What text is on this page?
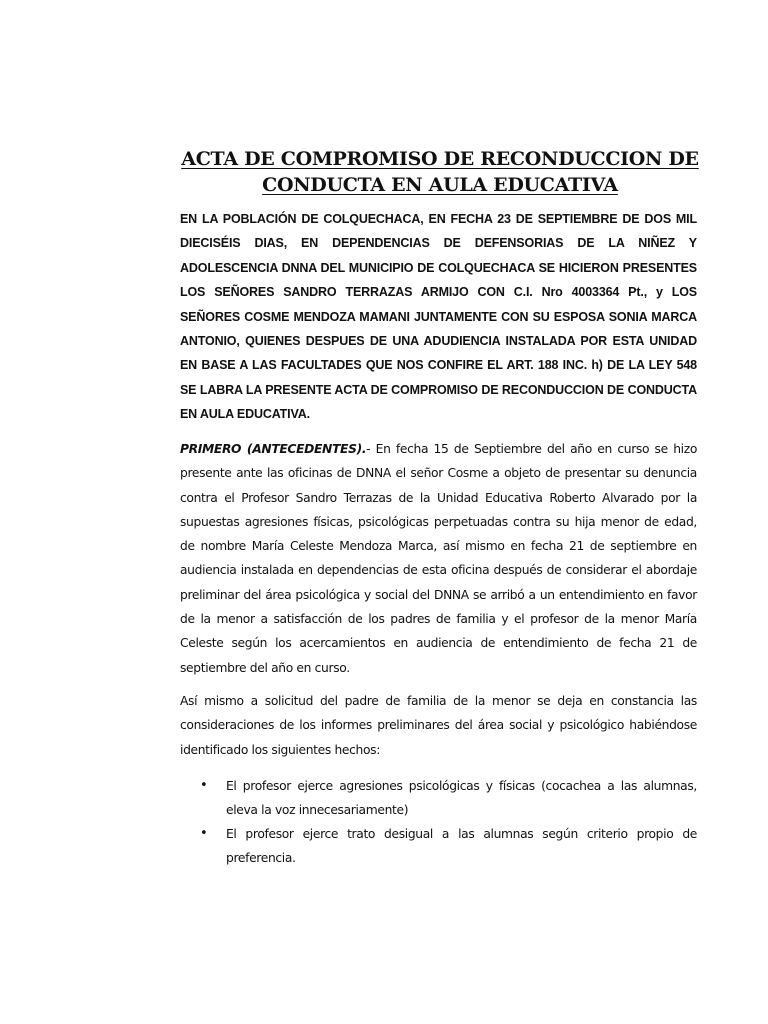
ACTA DE COMPROMISO DE RECONDUCCION DE
CONDUCTA EN AULA EDUCATIVA

EN LA POBLACIÓN DE COLQUECHACA, EN FECHA 23 DE SEPTIEMBRE DE DOS MIL DIECISÉIS DIAS, EN DEPENDENCIAS DE DEFENSORIAS DE LA NIÑEZ Y ADOLESCENCIA DNNA DEL MUNICIPIO DE COLQUECHACA SE HICIERON PRESENTES LOS SEÑORES SANDRO TERRAZAS ARMIJO CON C.I. Nro 4003364 Pt., y LOS SEÑORES COSME MENDOZA MAMANI JUNTAMENTE CON SU ESPOSA SONIA MARCA ANTONIO, QUIENES DESPUES DE UNA ADUDIENCIA INSTALADA POR ESTA UNIDAD EN BASE A LAS FACULTADES QUE NOS CONFIRE EL ART. 188 INC. h) DE LA LEY 548 SE LABRA LA PRESENTE ACTA DE COMPROMISO DE RECONDUCCION DE CONDUCTA EN AULA EDUCATIVA.

PRIMERO (ANTECEDENTES).- En fecha 15 de Septiembre del año en curso se hizo presente ante las oficinas de DNNA el señor Cosme a objeto de presentar su denuncia contra el Profesor Sandro Terrazas de la Unidad Educativa Roberto Alvarado por la supuestas agresiones físicas, psicológicas perpetuadas contra su hija menor de edad, de nombre María Celeste Mendoza Marca, así mismo en fecha 21 de septiembre en audiencia instalada en dependencias de esta oficina después de considerar el abordaje preliminar del área psicológica y social del DNNA se arribó a un entendimiento en favor de la menor a satisfacción de los padres de familia y el profesor de la menor María Celeste según los acercamientos en audiencia de entendimiento de fecha 21 de septiembre del año en curso.

Así mismo a solicitud del padre de familia de la menor se deja en constancia las consideraciones de los informes preliminares del área social y psicológico habiéndose identificado los siguientes hechos:

• El profesor ejerce agresiones psicológicas y físicas (cocachea a las alumnas, eleva la voz innecesariamente)
• El profesor ejerce trato desigual a las alumnas según criterio propio de preferencia.
